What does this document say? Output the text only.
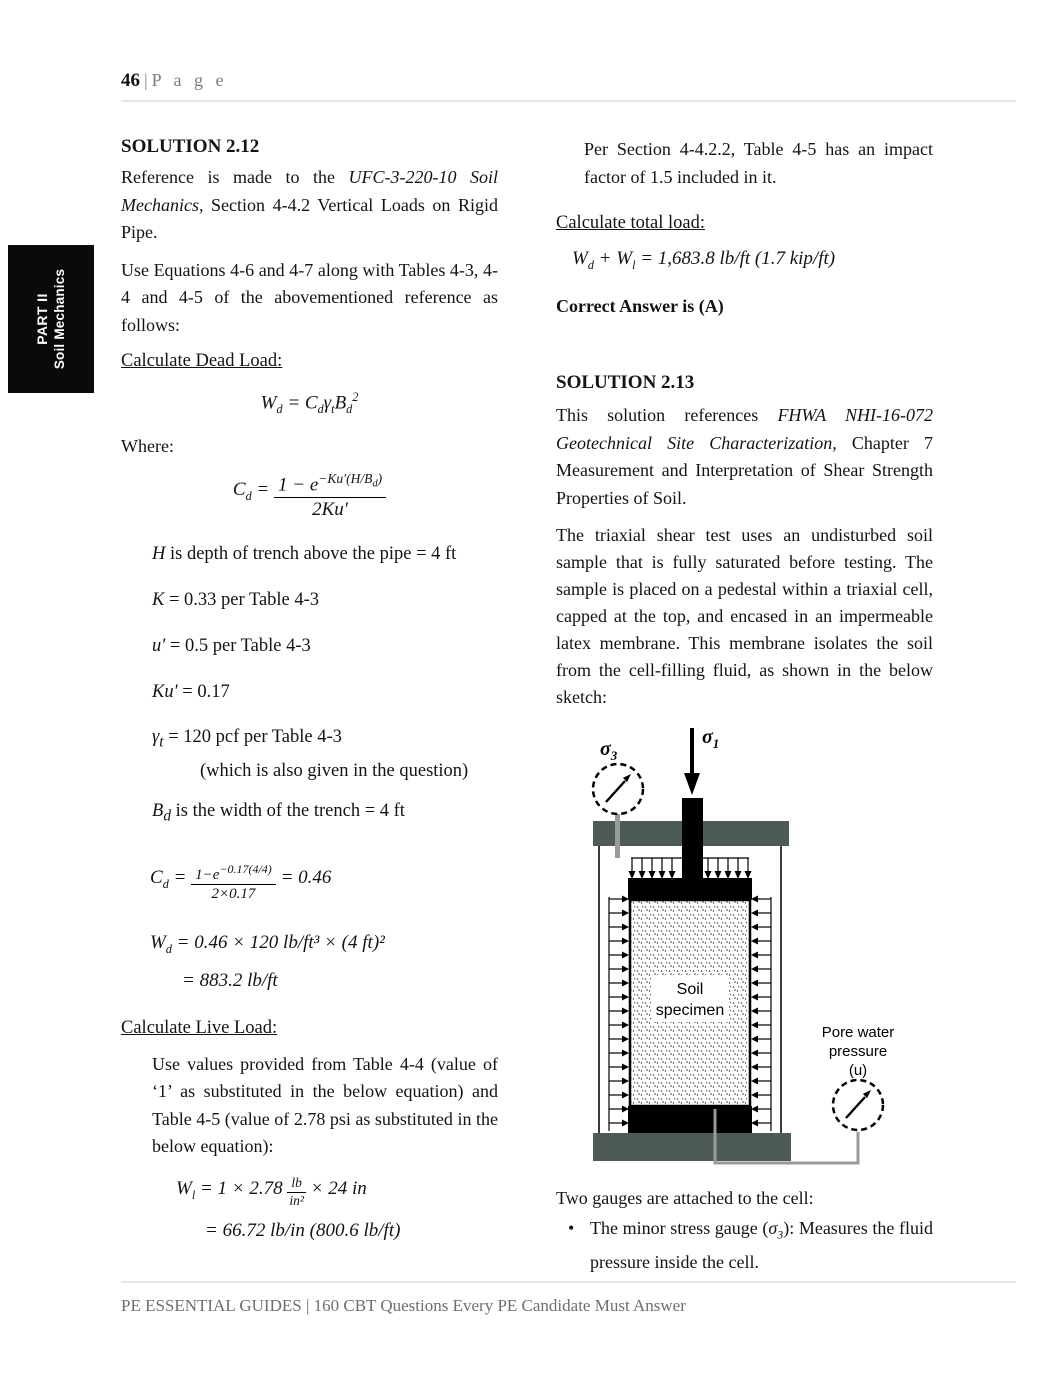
PART II Soil Mechanics
46 | P a g e
SOLUTION 2.12

Reference is made to the UFC-3-220-10 Soil Mechanics, Section 4-4.2 Vertical Loads on Rigid Pipe.

Use Equations 4-6 and 4-7 along with Tables 4-3, 4-4 and 4-5 of the abovementioned reference as follows:

Calculate Dead Load:
$W_d = C_d\gamma_tB_d^2$

Where:

$C_d = \frac{1 - e^{-Ku'(H/B_d)}}{2Ku'}$
H is depth of trench above the pipe = 4 ft
K = 0.33 per Table 4-3
u′ = 0.5 per Table 4-3
Ku′ = 0.17
$\gamma_t = 120$ pcf per Table 4-3
(which is also given in the question)
$B_d$ is the width of the trench = 4 ft
$C_d = \frac{1-e^{-0.17(4/4)}}{2\times 0.17} = 0.46$
$W_d = 0.46 \times 120$ lb/ft³ × (4 ft)²
= 883.2 lb/ft
Calculate Live Load:

Use values provided from Table 4-4 (value of ‘1’ as substituted in the below equation) and Table 4-5 (value of 2.78 psi as substituted in the below equation):

$W_l = 1 \times 2.78 \frac{lb}{\text{in²}} \times 24$ in
= 66.72 lb/in (800.6 lb/ft)

Per Section 4-4.2.2, Table 4-5 has an impact factor of 1.5 included in it.

Calculate total load:
$W_d + W_l = 1,683.8$ lb/ft (1.7 kip/ft)

Correct Answer is (A)

SOLUTION 2.13

This solution references FHWA NHI-16-072 Geotechnical Site Characterization, Chapter 7 Measurement and Interpretation of Shear Strength Properties of Soil.

The triaxial shear test uses an undisturbed soil sample that is fully saturated before testing. The sample is placed on a pedestal within a triaxial cell, capped at the top, and encased in an impermeable latex membrane. This membrane isolates the soil from the cell-filling fluid, as shown in the below sketch:

$\sigma_1$
$\sigma_3$
Soil
specimen
Pore water
pressure
(u)

Two gauges are attached to the cell:

• The minor stress gauge $(\sigma_3)$: Measures the fluid pressure inside the cell.

PE ESSENTIAL GUIDES | 160 CBT Questions Every PE Candidate Must Answer
